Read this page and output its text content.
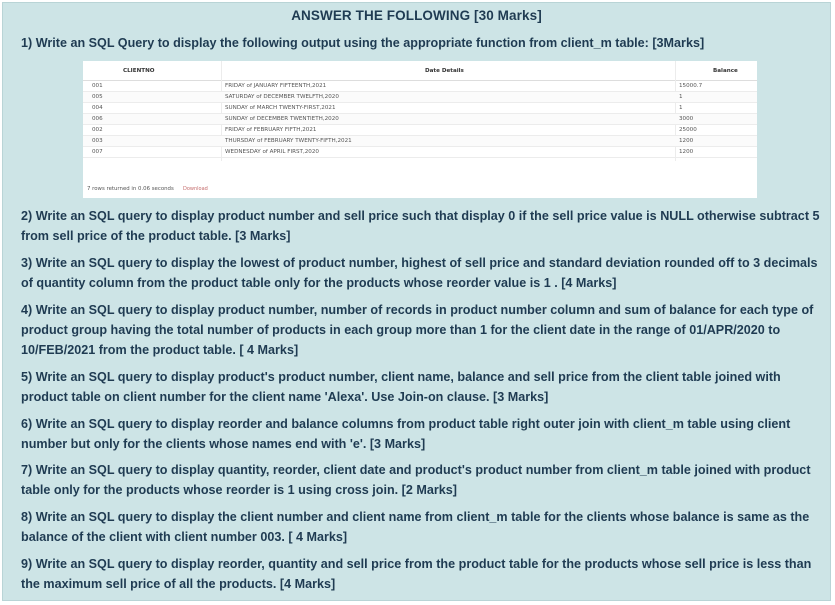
ANSWER THE FOLLOWING [30 Marks]
1) Write an SQL Query to display the following output using the appropriate function from client_m table: [3Marks]
CLIENTNO	Date Details	Balance
001	FRIDAY of JANUARY FIFTEENTH,2021	15000.7
005	SATURDAY of DECEMBER TWELFTH,2020	1
004	SUNDAY of MARCH TWENTY-FIRST,2021	1
006	SUNDAY of DECEMBER TWENTIETH,2020	3000
002	FRIDAY of FEBRUARY FIFTH,2021	25000
003	THURSDAY of FEBRUARY TWENTY-FIFTH,2021	1200
007	WEDNESDAY of APRIL FIRST,2020	1200
7 rows returned in 0.06 seconds Download
2) Write an SQL query to display product number and sell price such that display 0 if the sell price value is NULL otherwise subtract 5 from sell price of the product table. [3 Marks]
3) Write an SQL query to display the lowest of product number, highest of sell price and standard deviation rounded off to 3 decimals of quantity column from the product table only for the products whose reorder value is 1 . [4 Marks]
4) Write an SQL query to display product number, number of records in product number column and sum of balance for each type of product group having the total number of products in each group more than 1 for the client date in the range of 01/APR/2020 to 10/FEB/2021 from the product table. [ 4 Marks]
5) Write an SQL query to display product's product number, client name, balance and sell price from the client table joined with product table on client number for the client name 'Alexa'. Use Join-on clause. [3 Marks]
6) Write an SQL query to display reorder and balance columns from product table right outer join with client_m table using client number but only for the clients whose names end with 'e'. [3 Marks]
7) Write an SQL query to display quantity, reorder, client date and product's product number from client_m table joined with product table only for the products whose reorder is 1 using cross join. [2 Marks]
8) Write an SQL query to display the client number and client name from client_m table for the clients whose balance is same as the balance of the client with client number 003. [ 4 Marks]
9) Write an SQL query to display reorder, quantity and sell price from the product table for the products whose sell price is less than the maximum sell price of all the products. [4 Marks]
